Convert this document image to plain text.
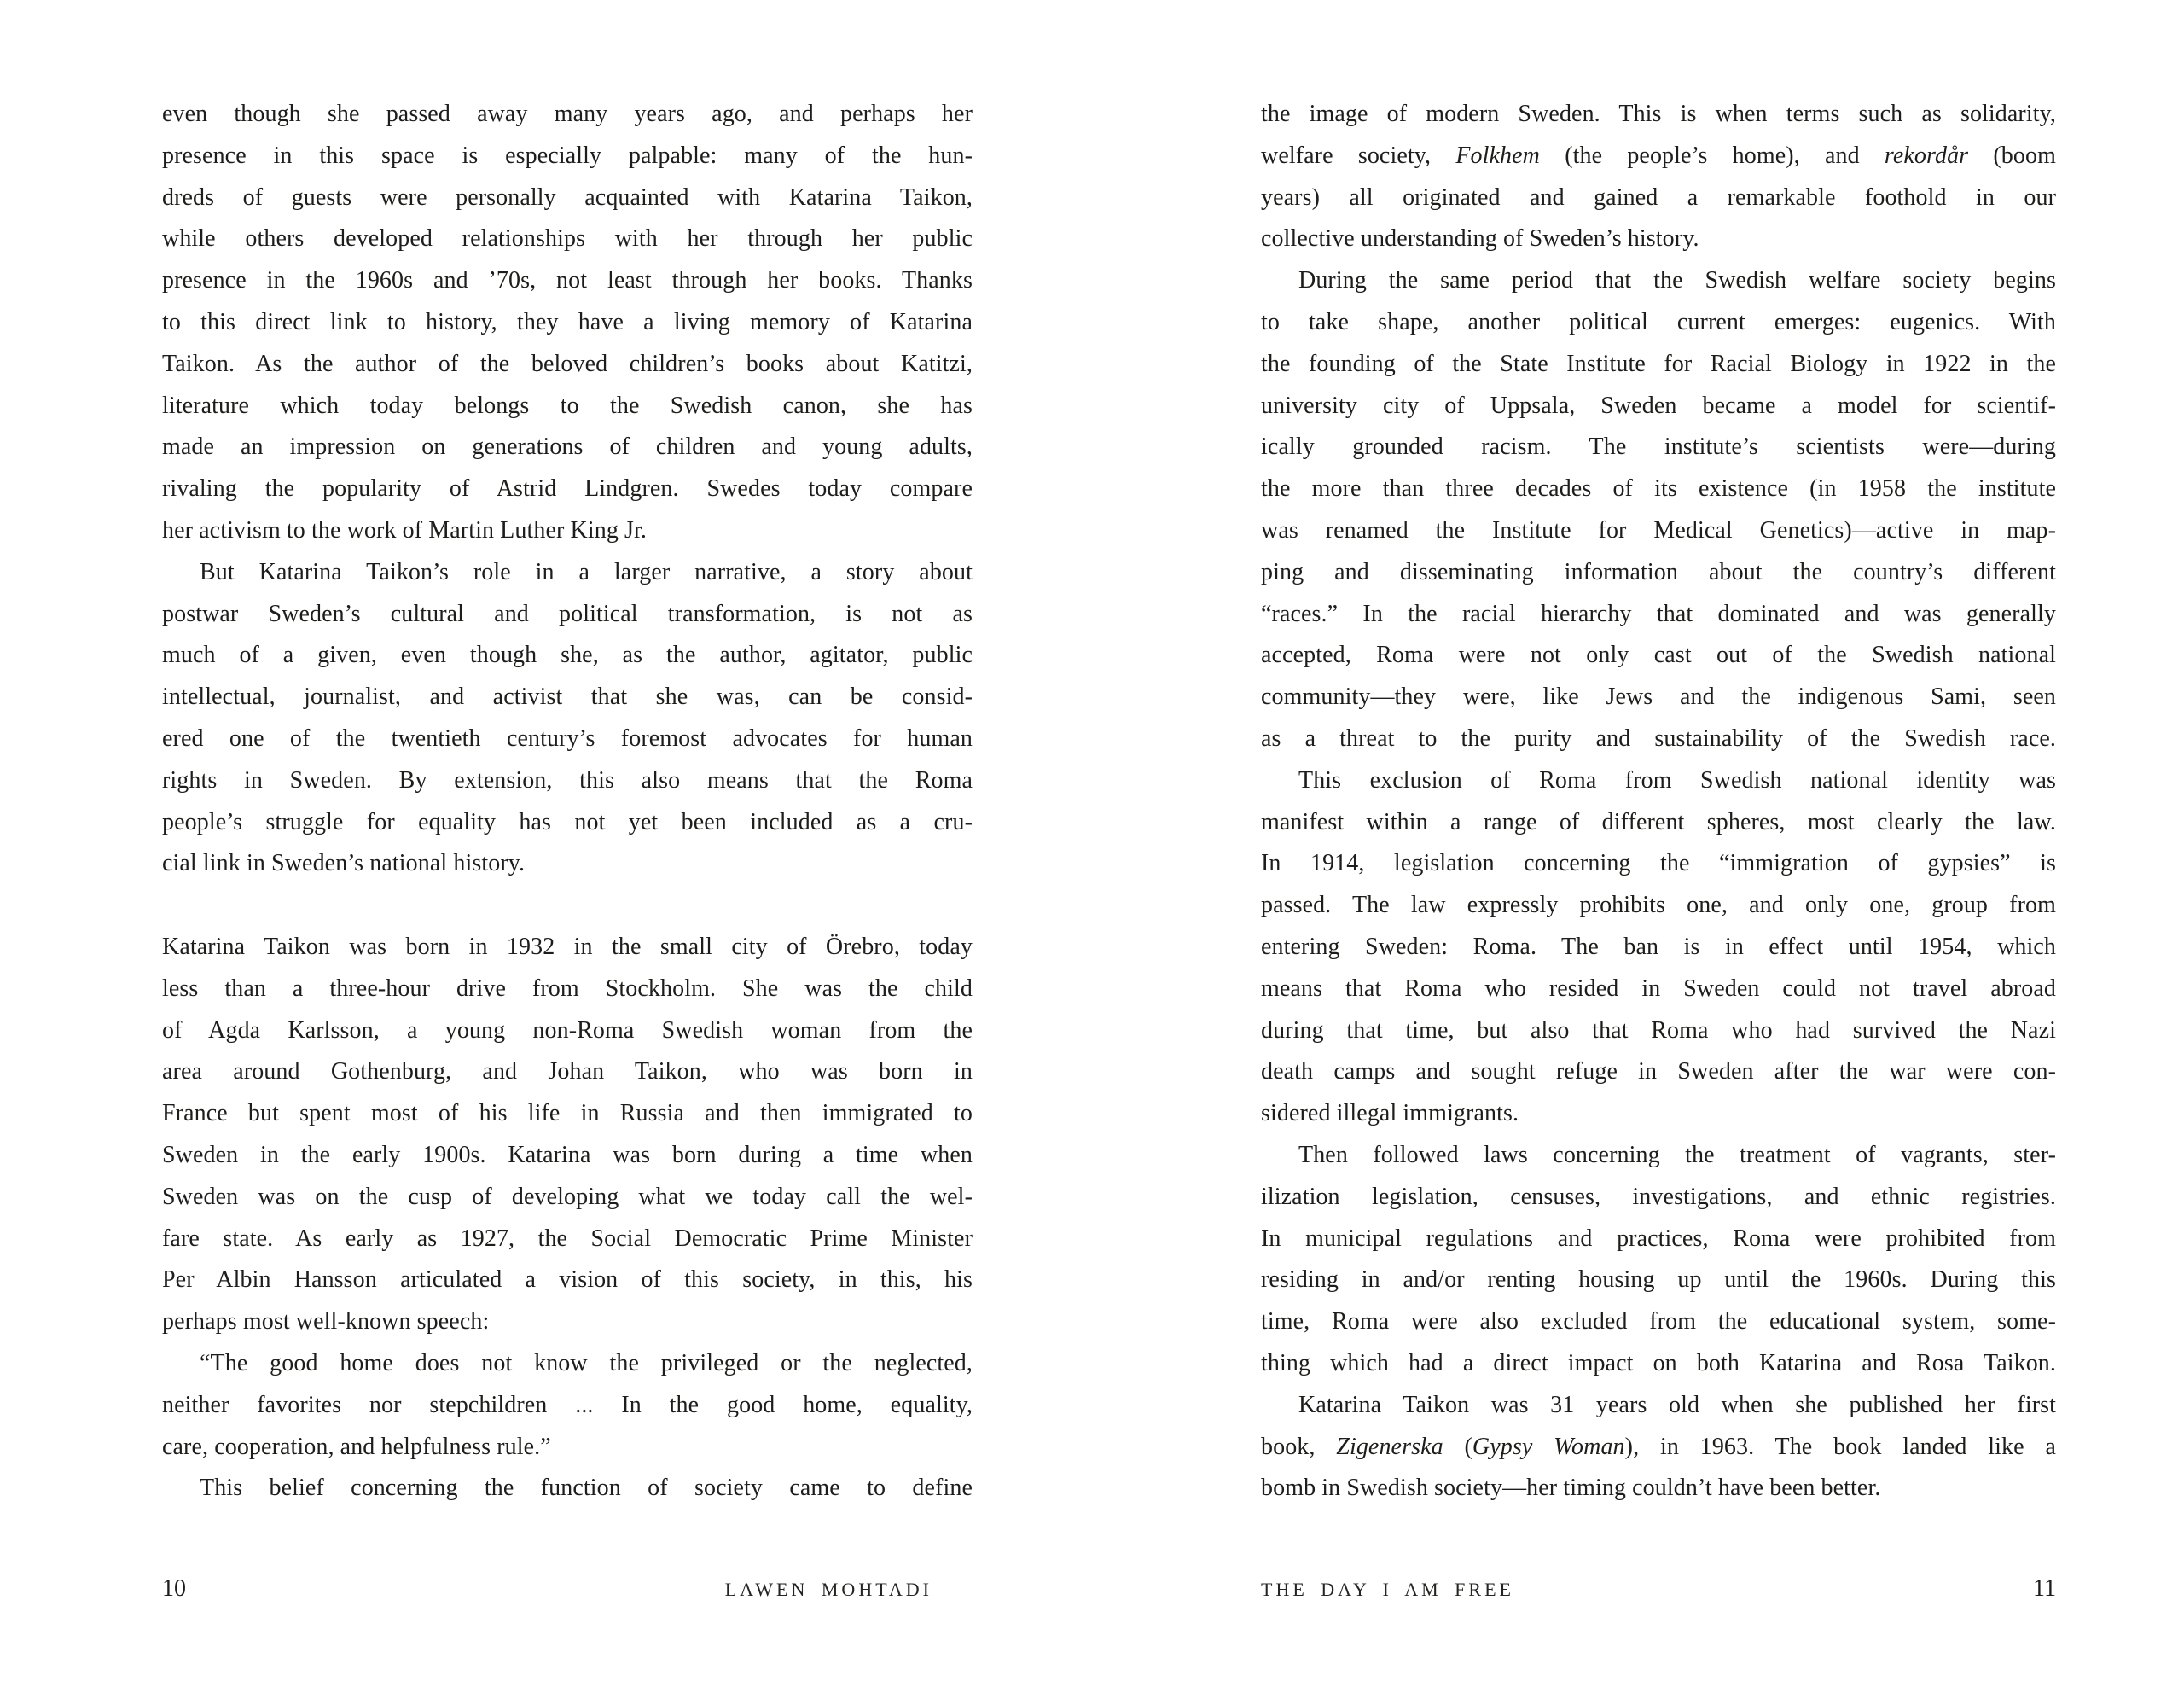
even though she passed away many years ago, and perhaps her
presence in this space is especially palpable: many of the hun-
dreds of guests were personally acquainted with Katarina Taikon,
while others developed relationships with her through her public
presence in the 1960s and ’70s, not least through her books. Thanks
to this direct link to history, they have a living memory of Katarina
Taikon. As the author of the beloved children’s books about Katitzi,
literature which today belongs to the Swedish canon, she has
made an impression on generations of children and young adults,
rivaling the popularity of Astrid Lindgren. Swedes today compare
her activism to the work of Martin Luther King Jr.
But Katarina Taikon’s role in a larger narrative, a story about
postwar Sweden’s cultural and political transformation, is not as
much of a given, even though she, as the author, agitator, public
intellectual, journalist, and activist that she was, can be consid-
ered one of the twentieth century’s foremost advocates for human
rights in Sweden. By extension, this also means that the Roma
people’s struggle for equality has not yet been included as a cru-
cial link in Sweden’s national history.
Katarina Taikon was born in 1932 in the small city of Örebro, today
less than a three-hour drive from Stockholm. She was the child
of Agda Karlsson, a young non-Roma Swedish woman from the
area around Gothenburg, and Johan Taikon, who was born in
France but spent most of his life in Russia and then immigrated to
Sweden in the early 1900s. Katarina was born during a time when
Sweden was on the cusp of developing what we today call the wel-
fare state. As early as 1927, the Social Democratic Prime Minister
Per Albin Hansson articulated a vision of this society, in this, his
perhaps most well-known speech:
“The good home does not know the privileged or the neglected,
neither favorites nor stepchildren ... In the good home, equality,
care, cooperation, and helpfulness rule.”
This belief concerning the function of society came to define
the image of modern Sweden. This is when terms such as solidarity,
welfare society, Folkhem (the people’s home), and rekordår (boom
years) all originated and gained a remarkable foothold in our
collective understanding of Sweden’s history.
During the same period that the Swedish welfare society begins
to take shape, another political current emerges: eugenics. With
the founding of the State Institute for Racial Biology in 1922 in the
university city of Uppsala, Sweden became a model for scientif-
ically grounded racism. The institute’s scientists were—during
the more than three decades of its existence (in 1958 the institute
was renamed the Institute for Medical Genetics)—active in map-
ping and disseminating information about the country’s different
“races.” In the racial hierarchy that dominated and was generally
accepted, Roma were not only cast out of the Swedish national
community—they were, like Jews and the indigenous Sami, seen
as a threat to the purity and sustainability of the Swedish race.
This exclusion of Roma from Swedish national identity was
manifest within a range of different spheres, most clearly the law.
In 1914, legislation concerning the “immigration of gypsies” is
passed. The law expressly prohibits one, and only one, group from
entering Sweden: Roma. The ban is in effect until 1954, which
means that Roma who resided in Sweden could not travel abroad
during that time, but also that Roma who had survived the Nazi
death camps and sought refuge in Sweden after the war were con-
sidered illegal immigrants.
Then followed laws concerning the treatment of vagrants, ster-
ilization legislation, censuses, investigations, and ethnic registries.
In municipal regulations and practices, Roma were prohibited from
residing in and/or renting housing up until the 1960s. During this
time, Roma were also excluded from the educational system, some-
thing which had a direct impact on both Katarina and Rosa Taikon.
Katarina Taikon was 31 years old when she published her first
book, Zigenerska (Gypsy Woman), in 1963. The book landed like a
bomb in Swedish society—her timing couldn’t have been better.
10	LAWEN MOHTADI	THE DAY I AM FREE	11
